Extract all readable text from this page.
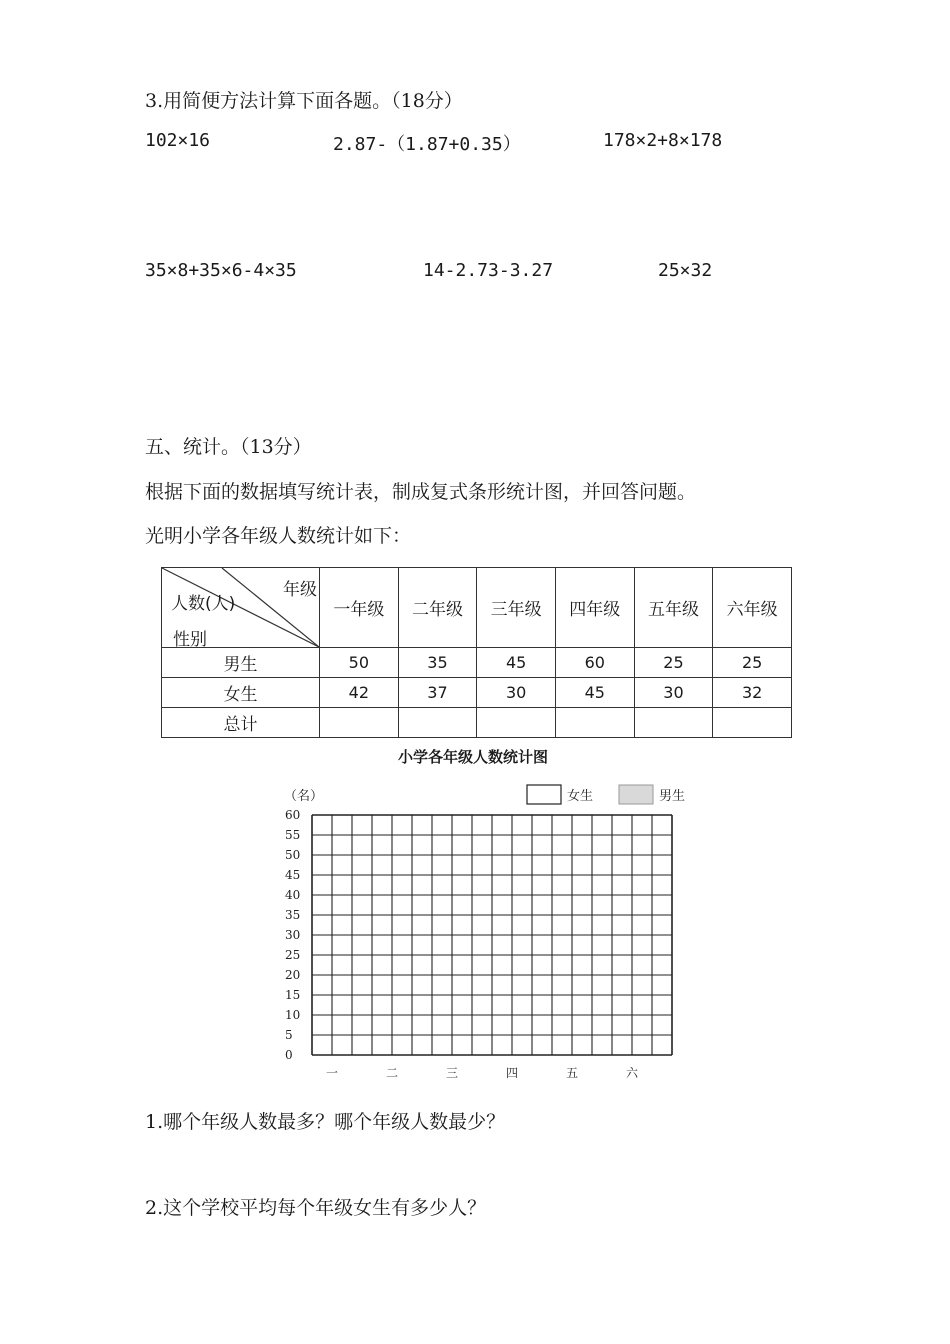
3.用简便方法计算下面各题。（18分）
102×16	2.87-（1.87+0.35）	178×2+8×178
35×8+35×6-4×35	14-2.73-3.27	25×32
五、统计。（13分）
根据下面的数据填写统计表，制成复式条形统计图，并回答问题。
光明小学各年级人数统计如下：
年级
人数(人)
性别	一年级	二年级	三年级	四年级	五年级	六年级
男生	50	35	45	60	25	25
女生	42	37	30	45	30	32
总计						
小学各年级人数统计图
60
55
50
45
40
35
30
25
20
15
10
5
0
（名）
一	二	三	四	五	六
女生	男生
1.哪个年级人数最多？哪个年级人数最少？
2.这个学校平均每个年级女生有多少人？
